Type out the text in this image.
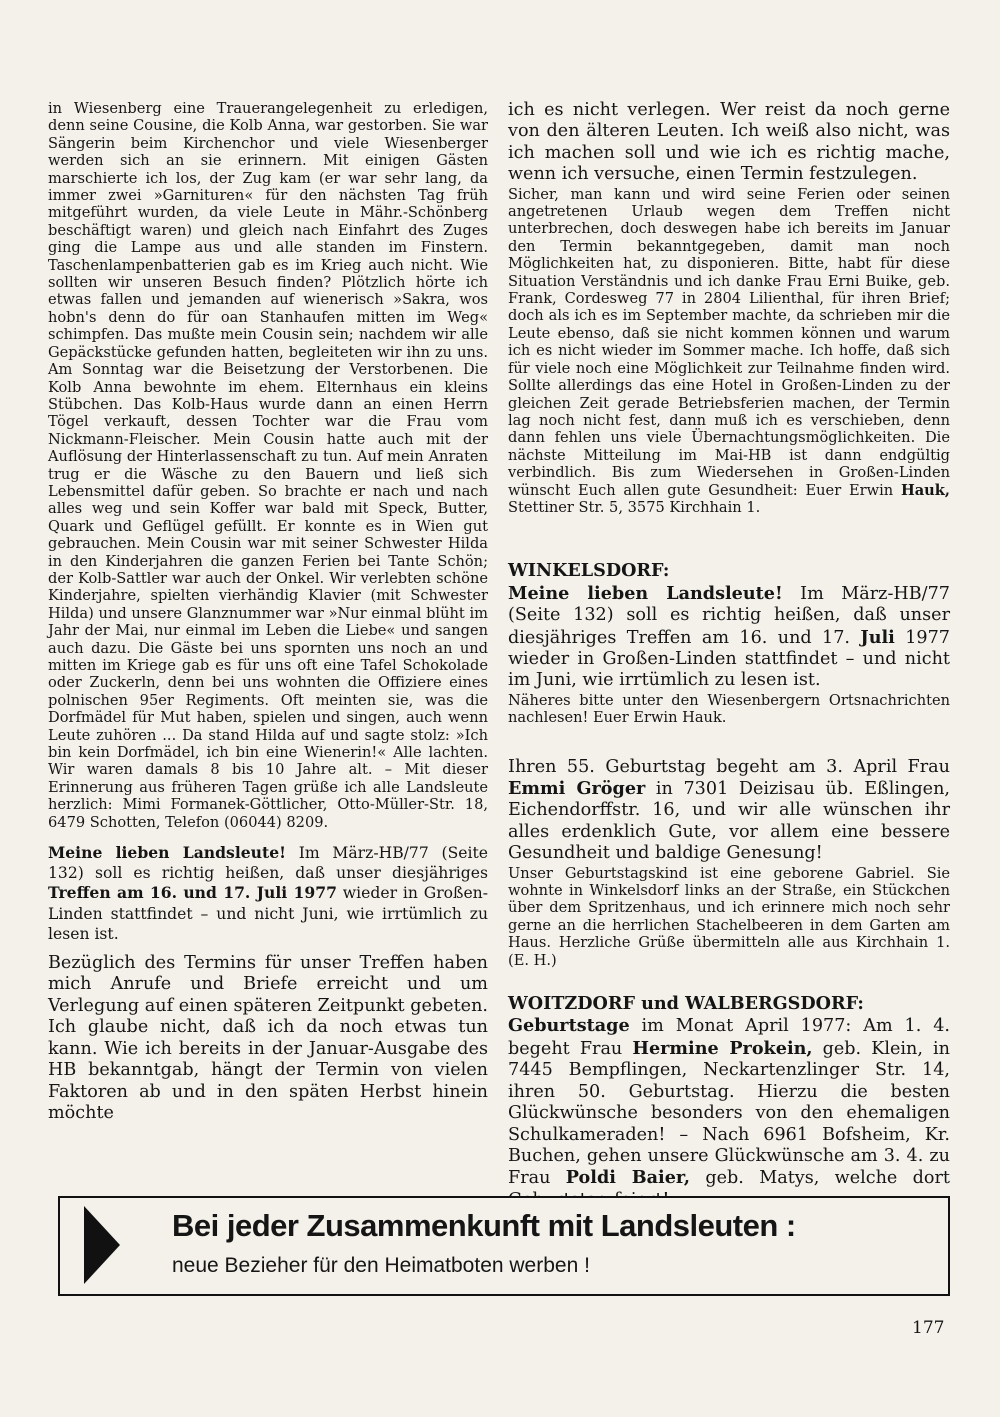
in Wiesenberg eine Trauerangelegenheit zu erledigen, denn seine Cousine, die Kolb Anna, war gestorben. Sie war Sängerin beim Kirchenchor und viele Wiesenberger werden sich an sie erinnern. Mit einigen Gästen marschierte ich los, der Zug kam (er war sehr lang, da immer zwei »Garnituren« für den nächsten Tag früh mitgeführt wurden, da viele Leute in Mähr.-Schönberg beschäftigt waren) und gleich nach Einfahrt des Zuges ging die Lampe aus und alle standen im Finstern. Taschenlampenbatterien gab es im Krieg auch nicht. Wie sollten wir unseren Besuch finden? Plötzlich hörte ich etwas fallen und jemanden auf wienerisch »Sakra, wos hobn's denn do für oan Stanhaufen mitten im Weg« schimpfen. Das mußte mein Cousin sein; nachdem wir alle Gepäckstücke gefunden hatten, begleiteten wir ihn zu uns. Am Sonntag war die Beisetzung der Verstorbenen. Die Kolb Anna bewohnte im ehem. Elternhaus ein kleins Stübchen. Das Kolb-Haus wurde dann an einen Herrn Tögel verkauft, dessen Tochter war die Frau vom Nickmann-Fleischer. Mein Cousin hatte auch mit der Auflösung der Hinterlassenschaft zu tun. Auf mein Anraten trug er die Wäsche zu den Bauern und ließ sich Lebensmittel dafür geben. So brachte er nach und nach alles weg und sein Koffer war bald mit Speck, Butter, Quark und Geflügel gefüllt. Er konnte es in Wien gut gebrauchen. Mein Cousin war mit seiner Schwester Hilda in den Kinderjahren die ganzen Ferien bei Tante Schön; der Kolb-Sattler war auch der Onkel. Wir verlebten schöne Kinderjahre, spielten vierhändig Klavier (mit Schwester Hilda) und unsere Glanznummer war »Nur einmal blüht im Jahr der Mai, nur einmal im Leben die Liebe« und sangen auch dazu. Die Gäste bei uns spornten uns noch an und mitten im Kriege gab es für uns oft eine Tafel Schokolade oder Zuckerln, denn bei uns wohnten die Offiziere eines polnischen 95er Regiments. Oft meinten sie, was die Dorfmädel für Mut haben, spielen und singen, auch wenn Leute zuhören ... Da stand Hilda auf und sagte stolz: »Ich bin kein Dorfmädel, ich bin eine Wienerin!« Alle lachten. Wir waren damals 8 bis 10 Jahre alt. – Mit dieser Erinnerung aus früheren Tagen grüße ich alle Landsleute herzlich: Mimi Formanek-Göttlicher, Otto-Müller-Str. 18, 6479 Schotten, Telefon (06044) 8209.

Meine lieben Landsleute! Im März-HB/77 (Seite 132) soll es richtig heißen, daß unser diesjähriges Treffen am 16. und 17. Juli 1977 wieder in Großen-Linden stattfindet – und nicht Juni, wie irrtümlich zu lesen ist.

Bezüglich des Termins für unser Treffen haben mich Anrufe und Briefe erreicht und um Verlegung auf einen späteren Zeitpunkt gebeten. Ich glaube nicht, daß ich da noch etwas tun kann. Wie ich bereits in der Januar-Ausgabe des HB bekanntgab, hängt der Termin von vielen Faktoren ab und in den späten Herbst hinein möchte

ich es nicht verlegen. Wer reist da noch gerne von den älteren Leuten. Ich weiß also nicht, was ich machen soll und wie ich es richtig mache, wenn ich versuche, einen Termin festzulegen.

Sicher, man kann und wird seine Ferien oder seinen angetretenen Urlaub wegen dem Treffen nicht unterbrechen, doch deswegen habe ich bereits im Januar den Termin bekanntgegeben, damit man noch Möglichkeiten hat, zu disponieren. Bitte, habt für diese Situation Verständnis und ich danke Frau Erni Buike, geb. Frank, Cordesweg 77 in 2804 Lilienthal, für ihren Brief; doch als ich es im September machte, da schrieben mir die Leute ebenso, daß sie nicht kommen können und warum ich es nicht wieder im Sommer mache. Ich hoffe, daß sich für viele noch eine Möglichkeit zur Teilnahme finden wird. Sollte allerdings das eine Hotel in Großen-Linden zu der gleichen Zeit gerade Betriebsferien machen, der Termin lag noch nicht fest, dann muß ich es verschieben, denn dann fehlen uns viele Übernachtungsmöglichkeiten. Die nächste Mitteilung im Mai-HB ist dann endgültig verbindlich. Bis zum Wiedersehen in Großen-Linden wünscht Euch allen gute Gesundheit: Euer Erwin Hauk, Stettiner Str. 5, 3575 Kirchhain 1.

WINKELSDORF:

Meine lieben Landsleute! Im März-HB/77 (Seite 132) soll es richtig heißen, daß unser diesjähriges Treffen am 16. und 17. Juli 1977 wieder in Großen-Linden stattfindet – und nicht im Juni, wie irrtümlich zu lesen ist.

Näheres bitte unter den Wiesenbergern Ortsnachrichten nachlesen! Euer Erwin Hauk.

Ihren 55. Geburtstag begeht am 3. April Frau Emmi Gröger in 7301 Deizisau üb. Eßlingen, Eichendorffstr. 16, und wir alle wünschen ihr alles erdenklich Gute, vor allem eine bessere Gesundheit und baldige Genesung!

Unser Geburtstagskind ist eine geborene Gabriel. Sie wohnte in Winkelsdorf links an der Straße, ein Stückchen über dem Spritzenhaus, und ich erinnere mich noch sehr gerne an die herrlichen Stachelbeeren in dem Garten am Haus. Herzliche Grüße übermitteln alle aus Kirchhain 1. (E. H.)

WOITZDORF und WALBERGSDORF:

Geburtstage im Monat April 1977: Am 1. 4. begeht Frau Hermine Prokein, geb. Klein, in 7445 Bempflingen, Neckartenzlinger Str. 14, ihren 50. Geburtstag. Hierzu die besten Glückwünsche besonders von den ehemaligen Schulkameraden! – Nach 6961 Bofsheim, Kr. Buchen, gehen unsere Glückwünsche am 3. 4. zu Frau Poldi Baier, geb. Matys, welche dort

Bei jeder Zusammenkunft mit Landsleuten :
neue Bezieher für den Heimatboten werben !
177
